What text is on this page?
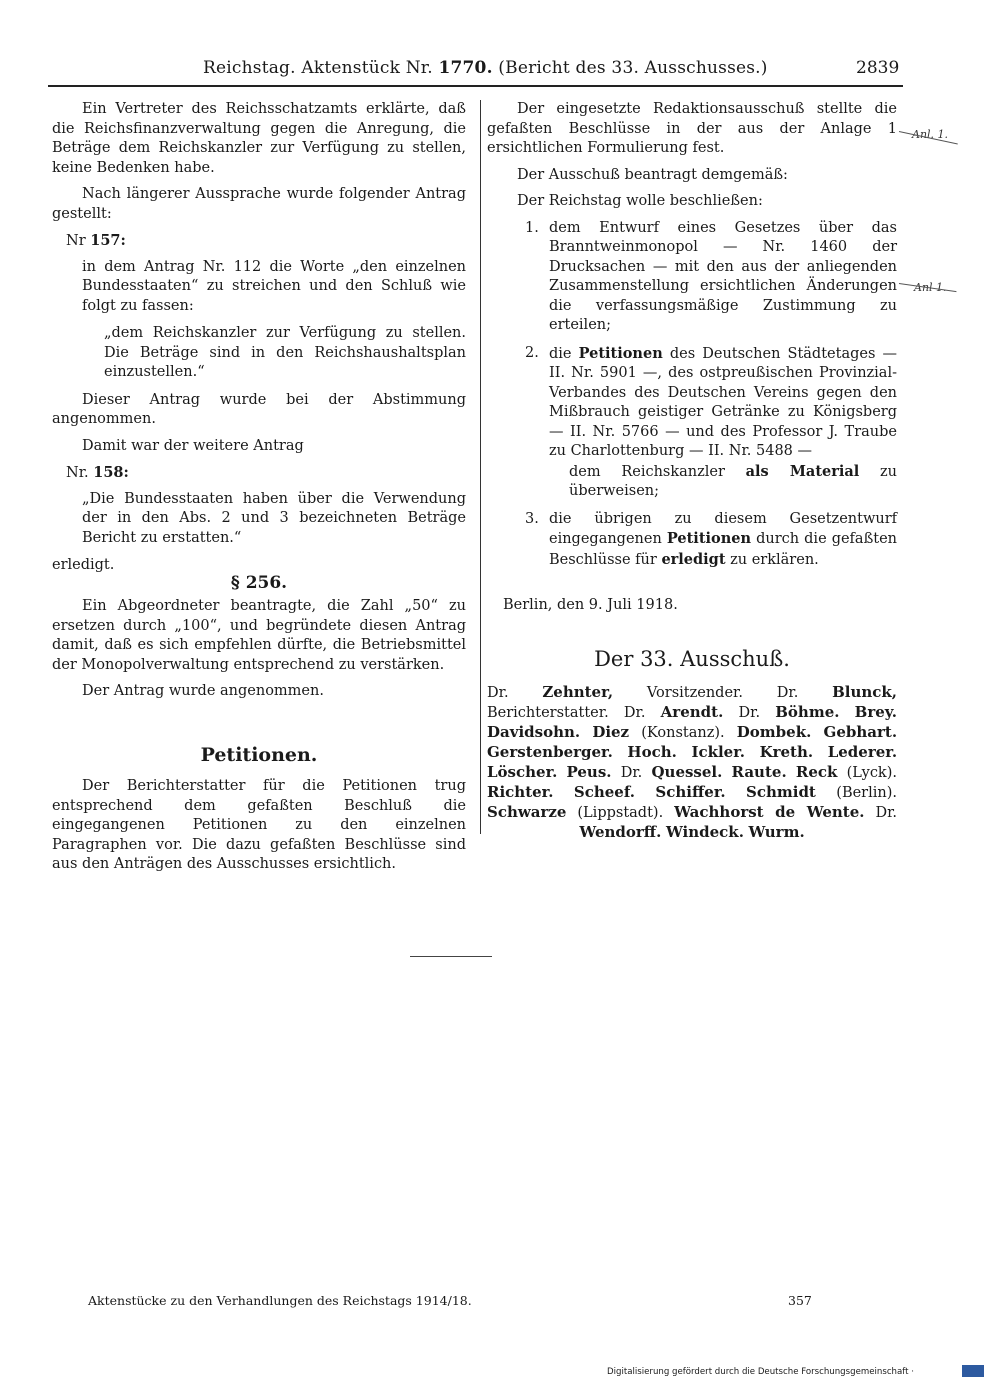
Reichstag. Aktenstück Nr. 1770. (Bericht des 33. Ausschusses.)	2839

Ein Vertreter des Reichsschatzamts erklärte, daß die Reichsfinanzverwaltung gegen die Anregung, die Beträge dem Reichskanzler zur Verfügung zu stellen, keine Bedenken habe.

Nach längerer Aussprache wurde folgender Antrag gestellt:

Nr 157:

in dem Antrag Nr. 112 die Worte „den einzelnen Bundesstaaten“ zu streichen und den Schluß wie folgt zu fassen:

„dem Reichskanzler zur Verfügung zu stellen. Die Beträge sind in den Reichshaushaltsplan einzustellen.“

Dieser Antrag wurde bei der Abstimmung angenommen.

Damit war der weitere Antrag

Nr. 158:

„Die Bundesstaaten haben über die Verwendung der in den Abs. 2 und 3 bezeichneten Beträge Bericht zu erstatten.“

erledigt.

§ 256.

Ein Abgeordneter beantragte, die Zahl „50“ zu ersetzen durch „100“, und begründete diesen Antrag damit, daß es sich empfehlen dürfte, die Betriebsmittel der Monopolverwaltung entsprechend zu verstärken.

Der Antrag wurde angenommen.

Petitionen.

Der Berichterstatter für die Petitionen trug entsprechend dem gefaßten Beschluß die eingegangenen Petitionen zu den einzelnen Paragraphen vor. Die dazu gefaßten Beschlüsse sind aus den Anträgen des Ausschusses ersichtlich.

Der eingesetzte Redaktionsausschuß stellte die gefaßten Beschlüsse in der aus der Anlage 1 ersichtlichen Formulierung fest.

Der Ausschuß beantragt demgemäß:

Der Reichstag wolle beschließen:

1. dem Entwurf eines Gesetzes über das Branntweinmonopol — Nr. 1460 der Drucksachen — mit den aus der anliegenden Zusammenstellung ersichtlichen Änderungen die verfassungsmäßige Zustimmung zu erteilen;
2. die Petitionen des Deutschen Städtetages — II. Nr. 5901 —, des ostpreußischen Provinzial-Verbandes des Deutschen Vereins gegen den Mißbrauch geistiger Getränke zu Königsberg — II. Nr. 5766 — und des Professor J. Traube zu Charlottenburg — II. Nr. 5488 —
dem Reichskanzler als Material zu überweisen;
3. die übrigen zu diesem Gesetzentwurf eingegangenen Petitionen durch die gefaßten Beschlüsse für erledigt zu erklären.

Berlin, den 9. Juli 1918.

Der 33. Ausschuß.

Dr. Zehnter, Vorsitzender. Dr. Blunck, Berichterstatter. Dr. Arendt. Dr. Böhme. Brey. Davidsohn. Diez (Konstanz). Dombek. Gebhart. Gerstenberger. Hoch. Ickler. Kreth. Lederer. Löscher. Peus. Dr. Quessel. Raute. Reck (Lyck). Richter. Scheef. Schiffer. Schmidt (Berlin). Schwarze (Lippstadt). Wachhorst de Wente. Dr. Wendorff. Windeck. Wurm.

Anl. 1.
Anl 1.
Aktenstücke zu den Verhandlungen des Reichstags 1914/18.	357
Digitalisierung gefördert durch die Deutsche Forschungsgemeinschaft ·
